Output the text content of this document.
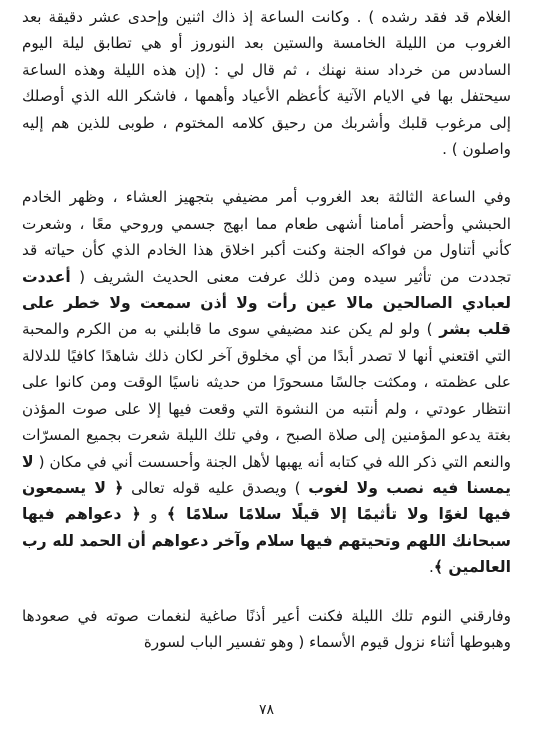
الغلام قد فقد رشده ) . وكانت الساعة إذ ذاك اثنين وإحدى عشر دقيقة بعد الغروب من الليلة الخامسة والستين بعد النوروز أو هي تطابق ليلة اليوم السادس من خرداد سنة نهنك ، ثم قال لي : (إن هذه الليلة وهذه الساعة سيحتفل بها في الايام الآتية كأعظم الأعياد وأهمها ، فاشكر الله الذي أوصلك إلى مرغوب قلبك وأشربك من رحيق كلامه المختوم ، طوبى للذين هم إليه واصلون ) .

وفي الساعة الثالثة بعد الغروب أمر مضيفي بتجهيز العشاء ، وظهر الخادم الحبشي وأحضر أمامنا أشهى طعام مما ابهج جسمي وروحي معًا ، وشعرت كأني أتناول من فواكه الجنة وكنت أكبر اخلاق هذا الخادم الذي كأن حياته قد تجددت من تأثير سيده ومن ذلك عرفت معنى الحديث الشريف ( أعددت لعبادي الصالحين مالا عين رأت ولا أذن سمعت ولا خطر على قلب بشر ) ولو لم يكن عند مضيفي سوى ما قابلني به من الكرم والمحبة التي اقتعني أنها لا تصدر أبدًا من أي مخلوق آخر لكان ذلك شاهدًا كافيًا للدلالة على عظمته ، ومكثت جالسًا مسحورًا من حديثه ناسيًا الوقت ومن كانوا على انتظار عودتي ، ولم أنتبه من النشوة التي وقعت فيها إلا على صوت المؤذن بغتة يدعو المؤمنين إلى صلاة الصبح ، وفي تلك الليلة شعرت بجميع المسرّات والنعم التي ذكر الله في كتابه أنه يهبها لأهل الجنة وأحسست أني في مكان ( لا يمسنا فيه نصب ولا لغوب ) ويصدق عليه قوله تعالى ﴿ لا يسمعون فيها لغوًا ولا تأثيمًا إلا قيلًا سلامًا سلامًا ﴾ و ﴿ دعواهم فيها سبحانك اللهم وتحيتهم فيها سلام وآخر دعواهم أن الحمد لله رب العالمين ﴾.

وفارقني النوم تلك الليلة فكنت أعير أذنًا صاغية لنغمات صوته في صعودها وهبوطها أثناء نزول قيوم الأسماء ( وهو تفسير الباب لسورة

٧٨
